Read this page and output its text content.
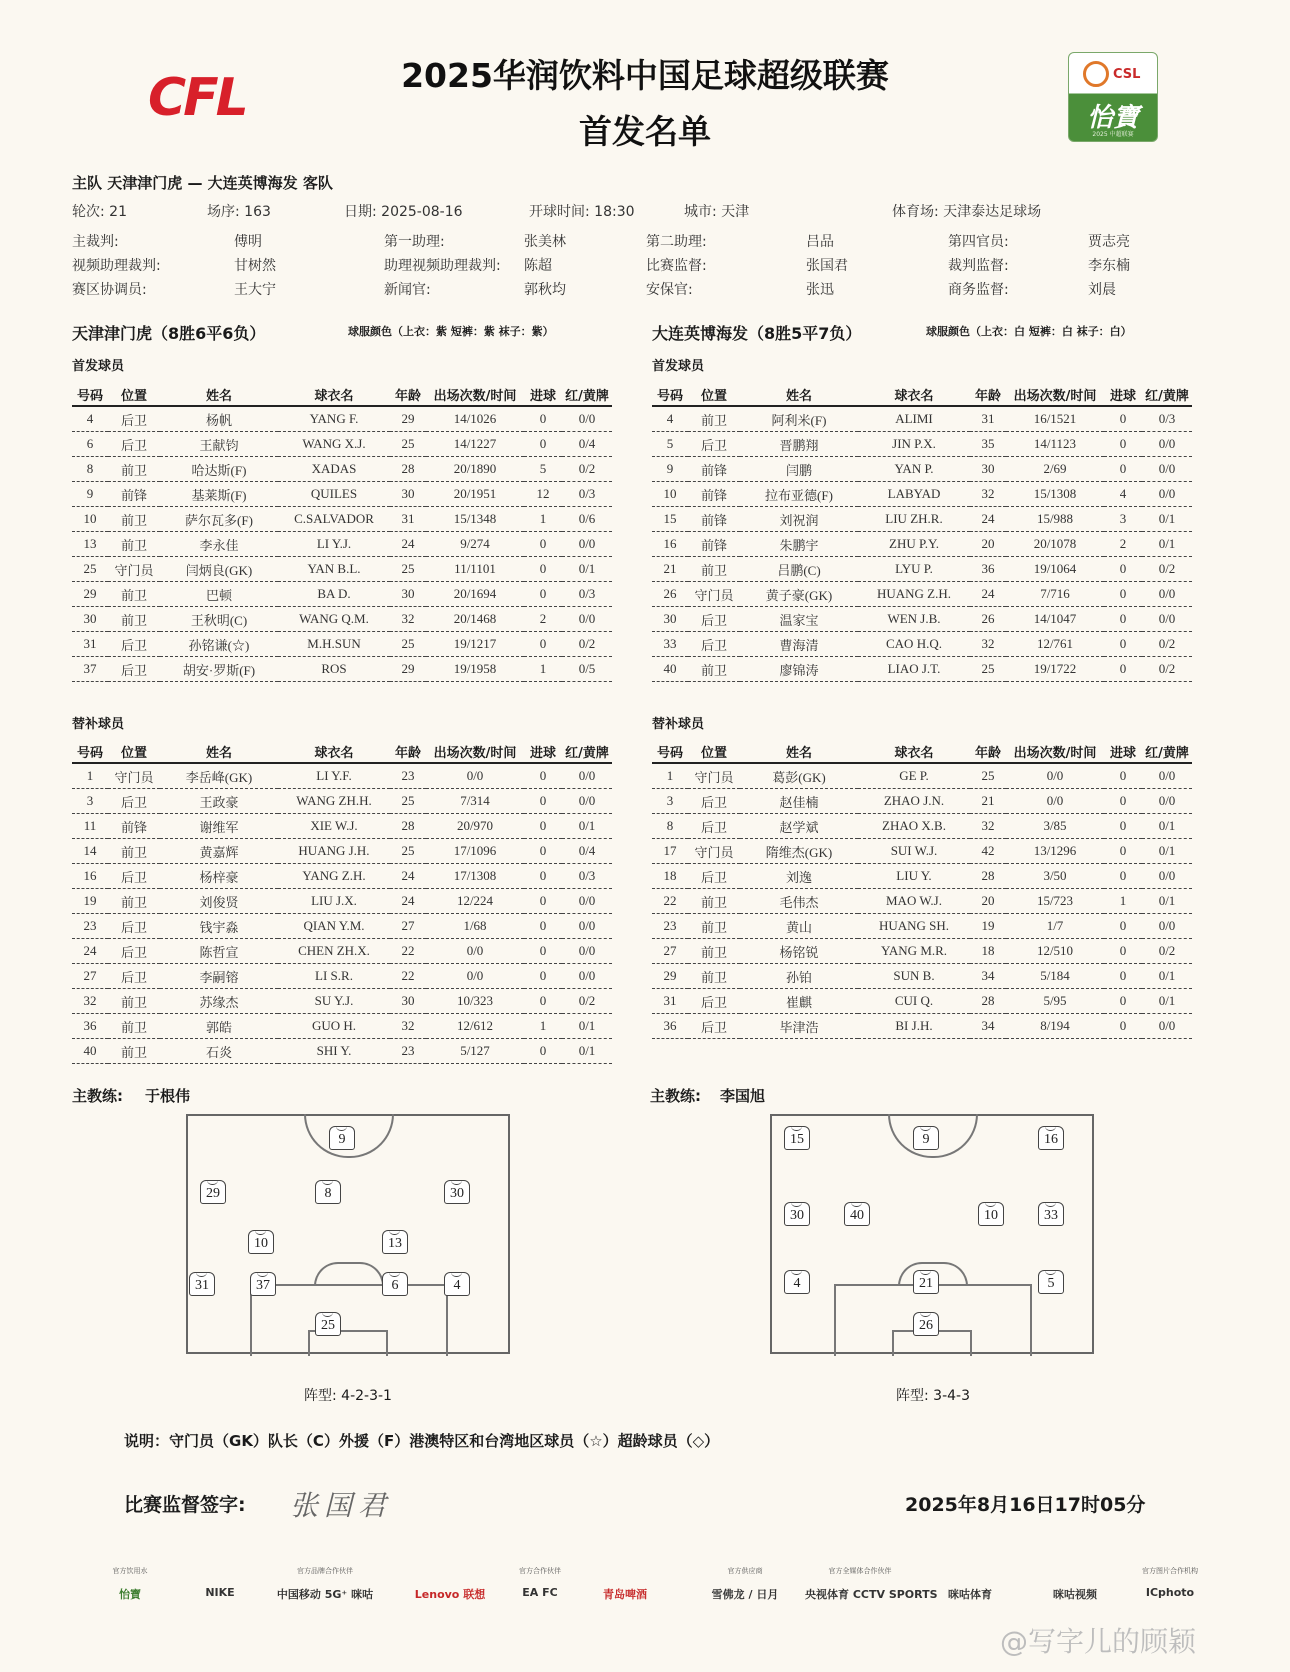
CFL	2025华润饮料中国足球超级联赛
首发名单
CSL
怡寶
2025 中超联赛
主队 天津津门虎 — 大连英博海发 客队
轮次: 21	场序: 163	日期: 2025-08-16	开球时间: 18:30	城市: 天津	体育场: 天津泰达足球场
主裁判:	傅明	第一助理:	张美林	第二助理:	吕品	第四官员:	贾志亮
视频助理裁判:	甘树然	助理视频助理裁判: 陈超	比赛监督:	张国君	裁判监督:	李东楠
赛区协调员:	王大宁	新闻官:	郭秋均	安保官:	张迅	商务监督:	刘晨
天津津门虎（8胜6平6负）	球服颜色（上衣：紫 短裤：紫 袜子：紫）	大连英博海发（8胜5平7负）	球服颜色（上衣：白 短裤：白 袜子：白）
首发球员	首发球员
号码	位置	姓名	球衣名	年龄	出场次数/时间	进球	红/黄牌
4	后卫	杨帆	YANG F.	29	14/1026	0	0/0
6	后卫	王献钧	WANG X.J.	25	14/1227	0	0/4
8	前卫	哈达斯(F)	XADAS	28	20/1890	5	0/2
9	前锋	基莱斯(F)	QUILES	30	20/1951	12	0/3
10	前卫	萨尔瓦多(F)	C.SALVADOR	31	15/1348	1	0/6
13	前卫	李永佳	LI Y.J.	24	9/274	0	0/0
25	守门员	闫炳良(GK)	YAN B.L.	25	11/1101	0	0/1
29	前卫	巴顿	BA D.	30	20/1694	0	0/3
30	前卫	王秋明(C)	WANG Q.M.	32	20/1468	2	0/0
31	后卫	孙铭谦(☆)	M.H.SUN	25	19/1217	0	0/2
37	后卫	胡安·罗斯(F)	ROS	29	19/1958	1	0/5
号码	位置	姓名	球衣名	年龄	出场次数/时间	进球	红/黄牌
4	前卫	阿利米(F)	ALIMI	31	16/1521	0	0/3
5	后卫	晋鹏翔	JIN P.X.	35	14/1123	0	0/0
9	前锋	闫鹏	YAN P.	30	2/69	0	0/0
10	前锋	拉布亚德(F)	LABYAD	32	15/1308	4	0/0
15	前锋	刘祝润	LIU ZH.R.	24	15/988	3	0/1
16	前锋	朱鹏宇	ZHU P.Y.	20	20/1078	2	0/1
21	前卫	吕鹏(C)	LYU P.	36	19/1064	0	0/2
26	守门员	黄子豪(GK)	HUANG Z.H.	24	7/716	0	0/0
30	后卫	温家宝	WEN J.B.	26	14/1047	0	0/0
33	后卫	曹海清	CAO H.Q.	32	12/761	0	0/2
40	前卫	廖锦涛	LIAO J.T.	25	19/1722	0	0/2
替补球员	替补球员
号码	位置	姓名	球衣名	年龄	出场次数/时间	进球	红/黄牌
1	守门员	李岳峰(GK)	LI Y.F.	23	0/0	0	0/0
3	后卫	王政豪	WANG ZH.H.	25	7/314	0	0/0
11	前锋	谢维军	XIE W.J.	28	20/970	0	0/1
14	前卫	黄嘉辉	HUANG J.H.	25	17/1096	0	0/4
16	后卫	杨梓豪	YANG Z.H.	24	17/1308	0	0/3
19	前卫	刘俊贤	LIU J.X.	24	12/224	0	0/0
23	后卫	钱宇淼	QIAN Y.M.	27	1/68	0	0/0
24	后卫	陈哲宣	CHEN ZH.X.	22	0/0	0	0/0
27	后卫	李嗣镕	LI S.R.	22	0/0	0	0/0
32	前卫	苏缘杰	SU Y.J.	30	10/323	0	0/2
36	前卫	郭皓	GUO H.	32	12/612	1	0/1
40	前卫	石炎	SHI Y.	23	5/127	0	0/1
号码	位置	姓名	球衣名	年龄	出场次数/时间	进球	红/黄牌
1	守门员	葛彭(GK)	GE P.	25	0/0	0	0/0
3	后卫	赵佳楠	ZHAO J.N.	21	0/0	0	0/0
8	后卫	赵学斌	ZHAO X.B.	32	3/85	0	0/1
17	守门员	隋维杰(GK)	SUI W.J.	42	13/1296	0	0/1
18	后卫	刘逸	LIU Y.	28	3/50	0	0/0
22	前卫	毛伟杰	MAO W.J.	20	15/723	1	0/1
23	前卫	黄山	HUANG SH.	19	1/7	0	0/0
27	前卫	杨铭锐	YANG M.R.	18	12/510	0	0/2
29	前卫	孙铂	SUN B.	34	5/184	0	0/1
31	后卫	崔麒	CUI Q.	28	5/95	0	0/1
36	后卫	毕津浩	BI J.H.	34	8/194	0	0/0
主教练: 于根伟	主教练: 李国旭
9
29	8	30
10	13
31	37	6	4
25
15	9	16
30	40	10	33
4	21	5
26
阵型: 4-2-3-1	阵型: 3-4-3
说明：守门员（GK）队长（C）外援（F）港澳特区和台湾地区球员（☆）超龄球员（◇）
比赛监督签字: 张国君	2025年8月16日17时05分
官方饮用水
怡寶	NIKE
官方品牌合作伙伴
中国移动 5G⁺ 咪咕	Lenovo 联想
官方合作伙伴
EA FC	青岛啤酒
官方供应商
雪佛龙 / 日月
官方全媒体合作伙伴
央视体育 CCTV SPORTS 咪咕体育	咪咕视频
官方图片合作机构
ICphoto
@写字儿的顾颖
